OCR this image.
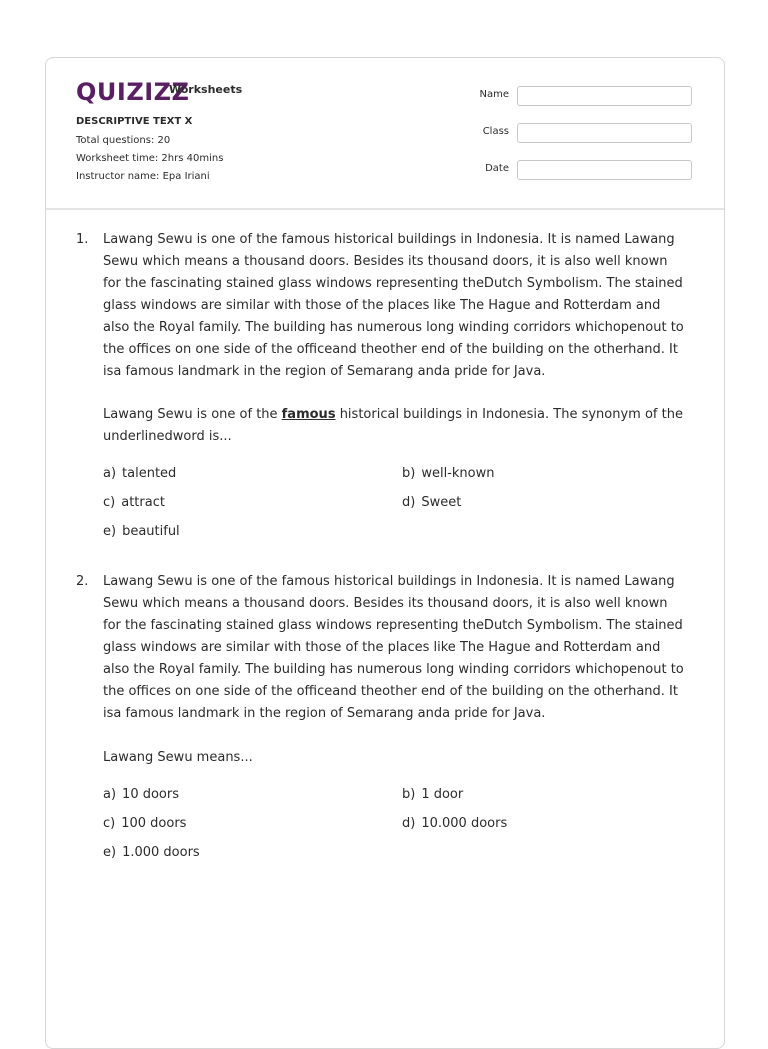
QUIZIZZ
Worksheets
DESCRIPTIVE TEXT X
Total questions: 20
Worksheet time: 2hrs 40mins
Instructor name: Epa Iriani
Name
Class
Date
1. Lawang Sewu is one of the famous historical buildings in Indonesia. It is named Lawang Sewu which means a thousand doors. Besides its thousand doors, it is also well known for the fascinating stained glass windows representing theDutch Symbolism. The stained glass windows are similar with those of the places like The Hague and Rotterdam and also the Royal family. The building has numerous long winding corridors whichopenout to the offices on one side of the officeand theother end of the building on the otherhand. It isa famous landmark in the region of Semarang anda pride for Java.
Lawang Sewu is one of the famous historical buildings in Indonesia. The synonym of the underlinedword is...
a) talented	b) well-known
c) attract	d) Sweet
e) beautiful
2. Lawang Sewu is one of the famous historical buildings in Indonesia. It is named Lawang Sewu which means a thousand doors. Besides its thousand doors, it is also well known for the fascinating stained glass windows representing theDutch Symbolism. The stained glass windows are similar with those of the places like The Hague and Rotterdam and also the Royal family. The building has numerous long winding corridors whichopenout to the offices on one side of the officeand theother end of the building on the otherhand. It isa famous landmark in the region of Semarang anda pride for Java.
Lawang Sewu means...
a) 10 doors	b) 1 door
c) 100 doors	d) 10.000 doors
e) 1.000 doors
